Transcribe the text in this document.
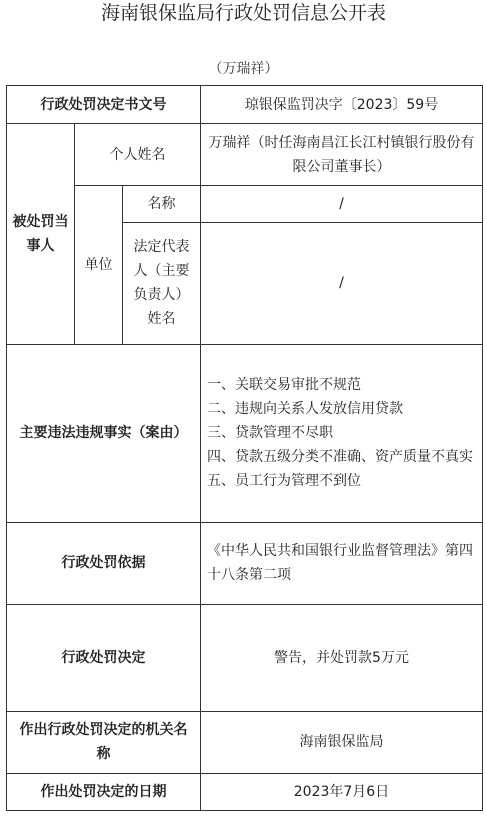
海南银保监局行政处罚信息公开表
（万瑞祥）
行政处罚决定书文号			琼银保监罚决字〔2023〕59号
被处罚当事人	个人姓名		万瑞祥（时任海南昌江长江村镇银行股份有限公司董事长）
	单位	名称	/
		法定代表人（主要负责人）姓名	/
主要违法违规事实（案由）			一、关联交易审批不规范
二、违规向关系人发放信用贷款
三、贷款管理不尽职
四、贷款五级分类不准确、资产质量不真实
五、员工行为管理不到位

行政处罚依据			《中华人民共和国银行业监督管理法》第四十八条第二项
行政处罚决定			警告，并处罚款5万元
作出行政处罚决定的机关名称			海南银保监局
作出处罚决定的日期			2023年7月6日
